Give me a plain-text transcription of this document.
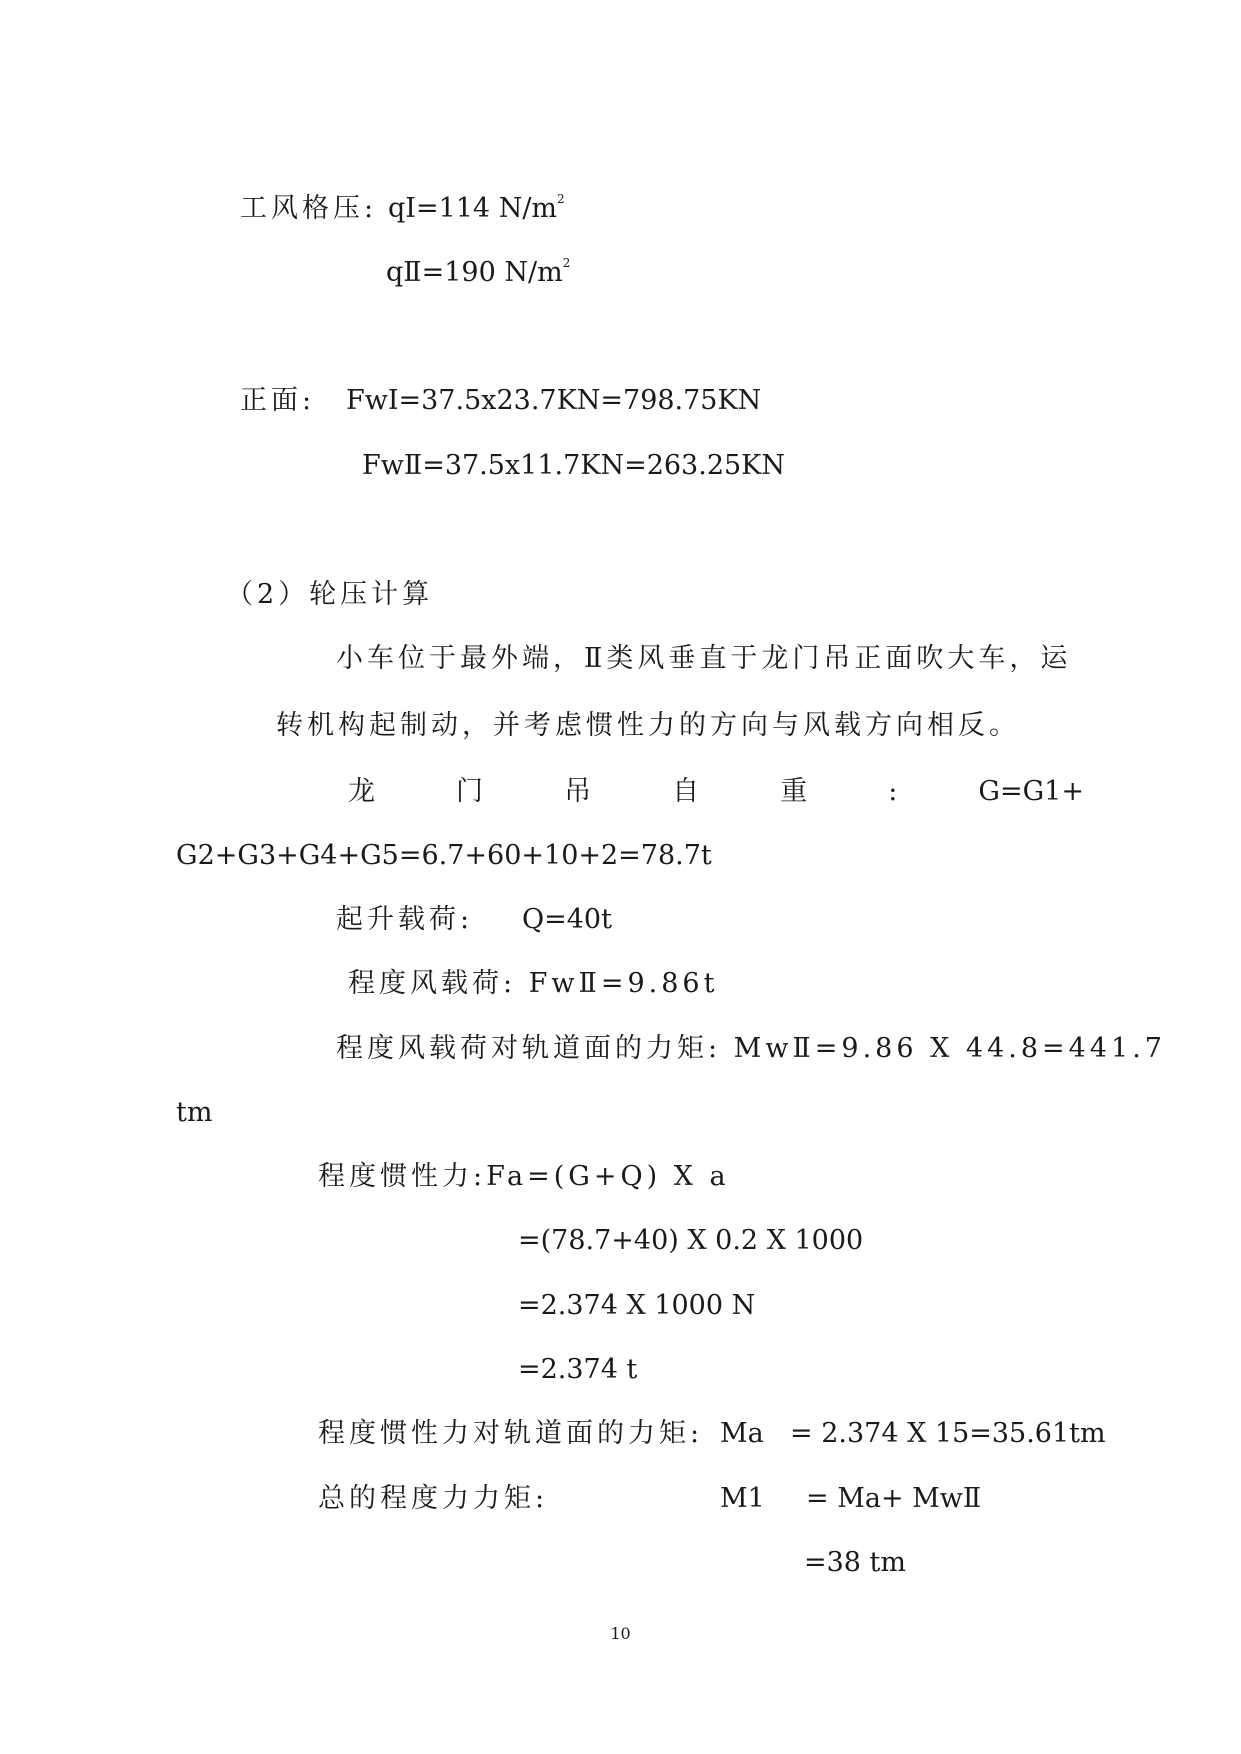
工风格压: qⅠ=114 $N/m^2$
qⅡ=190 $N/m^2$
正面: FwⅠ=37.5x23.7KN=798.75KN
FwⅡ=37.5x11.7KN=263.25KN
（2）轮压计算
小车位于最外端，Ⅱ类风垂直于龙门吊正面吹大车，运
转机构起制动，并考虑惯性力的方向与风载方向相反。
龙	门	吊	自	重	:	G=G1+
G2+G3+G4+G5=6.7+60+10+2=78.7t
起升载荷: Q=40t
程度风载荷: FwⅡ=9.86t
程度风载荷对轨道面的力矩: MwⅡ=9.86 X 44.8=441.7
tm
程度惯性力:Fa=(G+Q) X a
=(78.7+40) X 0.2 X 1000
=2.374 X 1000 N
=2.374 t
程度惯性力对轨道面的力矩: Ma = 2.374 X 15=35.61tm
总的程度力力矩:	M1 = Ma+ MwⅡ
=38 tm
10
